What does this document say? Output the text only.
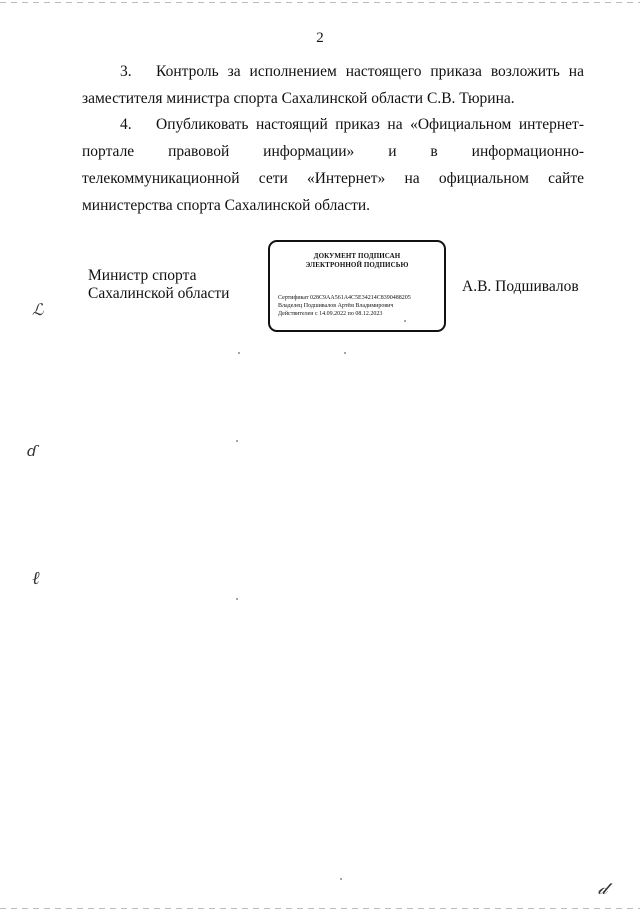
2
3. Контроль за исполнением настоящего приказа возложить на заместителя министра спорта Сахалинской области С.В. Тюрина.
4. Опубликовать настоящий приказ на «Официальном интернет-портале правовой информации» и в информационно-телекоммуникационной сети «Интернет» на официальном сайте министерства спорта Сахалинской области.
Министр спорта
Сахалинской области
ДОКУМЕНТ ПОДПИСАН
ЭЛЕКТРОННОЙ ПОДПИСЬЮ
Сертификат 028C9AA561A4C5E34214C8390488205
Владелец Подшивалов Артём Владимирович
Действителен с 14.09.2022 по 08.12.2023
А.В. Подшивалов
ℒ
ɗ
ℓ
𝒹
